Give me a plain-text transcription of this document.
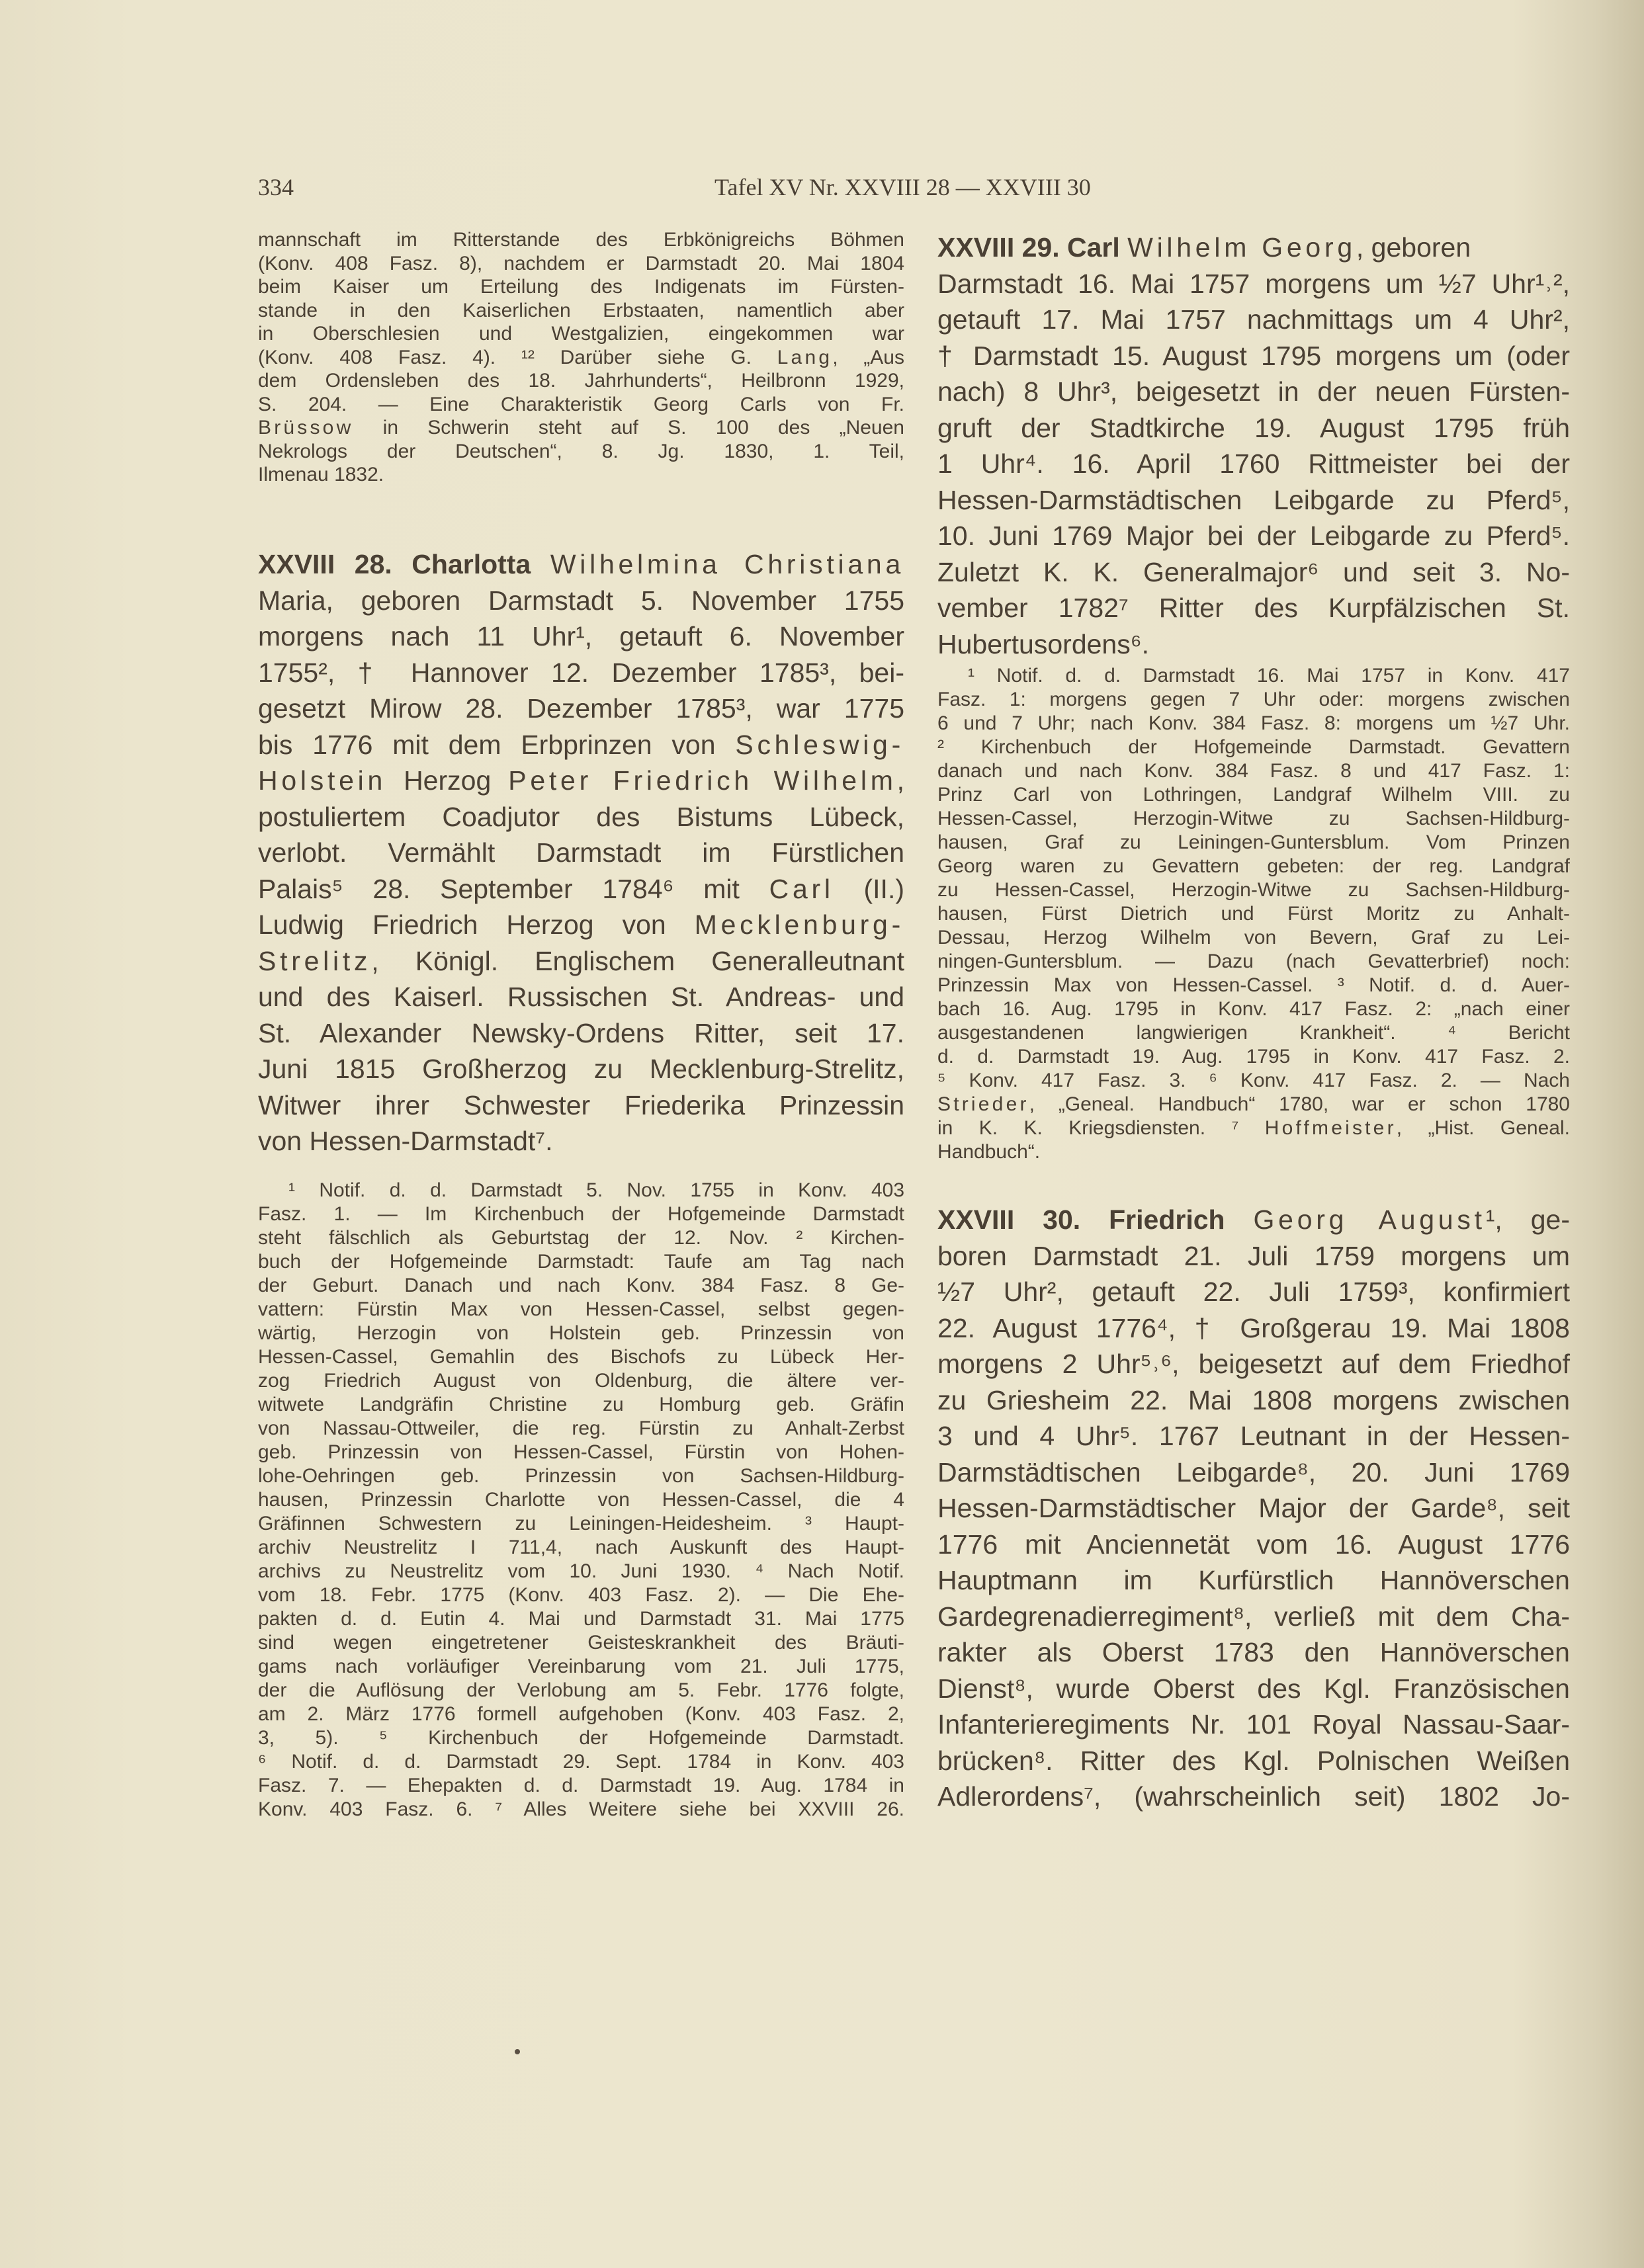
334	Tafel XV Nr. XXVIII 28 — XXVIII 30
mannschaft im Ritterstande des Erbkönigreichs Böhmen
(Konv. 408 Fasz. 8), nachdem er Darmstadt 20. Mai 1804
beim Kaiser um Erteilung des Indigenats im Fürsten-
stande in den Kaiserlichen Erbstaaten, namentlich aber
in Oberschlesien und Westgalizien, eingekommen war
(Konv. 408 Fasz. 4). ¹² Darüber siehe G. Lang, „Aus
dem Ordensleben des 18. Jahrhunderts“, Heilbronn 1929,
S. 204. — Eine Charakteristik Georg Carls von Fr.
Brüssow in Schwerin steht auf S. 100 des „Neuen
Nekrologs der Deutschen“, 8. Jg. 1830, 1. Teil,
Ilmenau 1832.
XXVIII 28. Charlotta Wilhelmina Christiana
Maria, geboren Darmstadt 5. November 1755
morgens nach 11 Uhr¹, getauft 6. November
1755², † Hannover 12. Dezember 1785³, bei-
gesetzt Mirow 28. Dezember 1785³, war 1775
bis 1776 mit dem Erbprinzen von Schleswig-
Holstein Herzog Peter Friedrich Wilhelm,
postuliertem Coadjutor des Bistums Lübeck,
verlobt. Vermählt Darmstadt im Fürstlichen
Palais⁵ 28. September 1784⁶ mit Carl (II.)
Ludwig Friedrich Herzog von Mecklenburg-
Strelitz, Königl. Englischem Generalleutnant
und des Kaiserl. Russischen St. Andreas- und
St. Alexander Newsky-Ordens Ritter, seit 17.
Juni 1815 Großherzog zu Mecklenburg-Strelitz,
Witwer ihrer Schwester Friederika Prinzessin
von Hessen-Darmstadt⁷.
¹ Notif. d. d. Darmstadt 5. Nov. 1755 in Konv. 403
Fasz. 1. — Im Kirchenbuch der Hofgemeinde Darmstadt
steht fälschlich als Geburtstag der 12. Nov. ² Kirchen-
buch der Hofgemeinde Darmstadt: Taufe am Tag nach
der Geburt. Danach und nach Konv. 384 Fasz. 8 Ge-
vattern: Fürstin Max von Hessen-Cassel, selbst gegen-
wärtig, Herzogin von Holstein geb. Prinzessin von
Hessen-Cassel, Gemahlin des Bischofs zu Lübeck Her-
zog Friedrich August von Oldenburg, die ältere ver-
witwete Landgräfin Christine zu Homburg geb. Gräfin
von Nassau-Ottweiler, die reg. Fürstin zu Anhalt-Zerbst
geb. Prinzessin von Hessen-Cassel, Fürstin von Hohen-
lohe-Oehringen geb. Prinzessin von Sachsen-Hildburg-
hausen, Prinzessin Charlotte von Hessen-Cassel, die 4
Gräfinnen Schwestern zu Leiningen-Heidesheim. ³ Haupt-
archiv Neustrelitz I 711,4, nach Auskunft des Haupt-
archivs zu Neustrelitz vom 10. Juni 1930. ⁴ Nach Notif.
vom 18. Febr. 1775 (Konv. 403 Fasz. 2). — Die Ehe-
pakten d. d. Eutin 4. Mai und Darmstadt 31. Mai 1775
sind wegen eingetretener Geisteskrankheit des Bräuti-
gams nach vorläufiger Vereinbarung vom 21. Juli 1775,
der die Auflösung der Verlobung am 5. Febr. 1776 folgte,
am 2. März 1776 formell aufgehoben (Konv. 403 Fasz. 2,
3, 5). ⁵ Kirchenbuch der Hofgemeinde Darmstadt.
⁶ Notif. d. d. Darmstadt 29. Sept. 1784 in Konv. 403
Fasz. 7. — Ehepakten d. d. Darmstadt 19. Aug. 1784 in
Konv. 403 Fasz. 6. ⁷ Alles Weitere siehe bei XXVIII 26.
XXVIII 29. Carl Wilhelm Georg, geboren
Darmstadt 16. Mai 1757 morgens um ½7 Uhr¹˒²,
getauft 17. Mai 1757 nachmittags um 4 Uhr²,
† Darmstadt 15. August 1795 morgens um (oder
nach) 8 Uhr³, beigesetzt in der neuen Fürsten-
gruft der Stadtkirche 19. August 1795 früh
1 Uhr⁴. 16. April 1760 Rittmeister bei der
Hessen-Darmstädtischen Leibgarde zu Pferd⁵,
10. Juni 1769 Major bei der Leibgarde zu Pferd⁵.
Zuletzt K. K. Generalmajor⁶ und seit 3. No-
vember 1782⁷ Ritter des Kurpfälzischen St.
Hubertusordens⁶.
¹ Notif. d. d. Darmstadt 16. Mai 1757 in Konv. 417
Fasz. 1: morgens gegen 7 Uhr oder: morgens zwischen
6 und 7 Uhr; nach Konv. 384 Fasz. 8: morgens um ½7 Uhr.
² Kirchenbuch der Hofgemeinde Darmstadt. Gevattern
danach und nach Konv. 384 Fasz. 8 und 417 Fasz. 1:
Prinz Carl von Lothringen, Landgraf Wilhelm VIII. zu
Hessen-Cassel, Herzogin-Witwe zu Sachsen-Hildburg-
hausen, Graf zu Leiningen-Guntersblum. Vom Prinzen
Georg waren zu Gevattern gebeten: der reg. Landgraf
zu Hessen-Cassel, Herzogin-Witwe zu Sachsen-Hildburg-
hausen, Fürst Dietrich und Fürst Moritz zu Anhalt-
Dessau, Herzog Wilhelm von Bevern, Graf zu Lei-
ningen-Guntersblum. — Dazu (nach Gevatterbrief) noch:
Prinzessin Max von Hessen-Cassel. ³ Notif. d. d. Auer-
bach 16. Aug. 1795 in Konv. 417 Fasz. 2: „nach einer
ausgestandenen langwierigen Krankheit“. ⁴ Bericht
d. d. Darmstadt 19. Aug. 1795 in Konv. 417 Fasz. 2.
⁵ Konv. 417 Fasz. 3. ⁶ Konv. 417 Fasz. 2. — Nach
Strieder, „Geneal. Handbuch“ 1780, war er schon 1780
in K. K. Kriegsdiensten. ⁷ Hoffmeister, „Hist. Geneal.
Handbuch“.
XXVIII 30. Friedrich Georg August¹, ge-
boren Darmstadt 21. Juli 1759 morgens um
½7 Uhr², getauft 22. Juli 1759³, konfirmiert
22. August 1776⁴, † Großgerau 19. Mai 1808
morgens 2 Uhr⁵˒⁶, beigesetzt auf dem Friedhof
zu Griesheim 22. Mai 1808 morgens zwischen
3 und 4 Uhr⁵. 1767 Leutnant in der Hessen-
Darmstädtischen Leibgarde⁸, 20. Juni 1769
Hessen-Darmstädtischer Major der Garde⁸, seit
1776 mit Anciennetät vom 16. August 1776
Hauptmann im Kurfürstlich Hannöverschen
Gardegrenadierregiment⁸, verließ mit dem Cha-
rakter als Oberst 1783 den Hannöverschen
Dienst⁸, wurde Oberst des Kgl. Französischen
Infanterieregiments Nr. 101 Royal Nassau-Saar-
brücken⁸. Ritter des Kgl. Polnischen Weißen
Adlerordens⁷, (wahrscheinlich seit) 1802 Jo-
